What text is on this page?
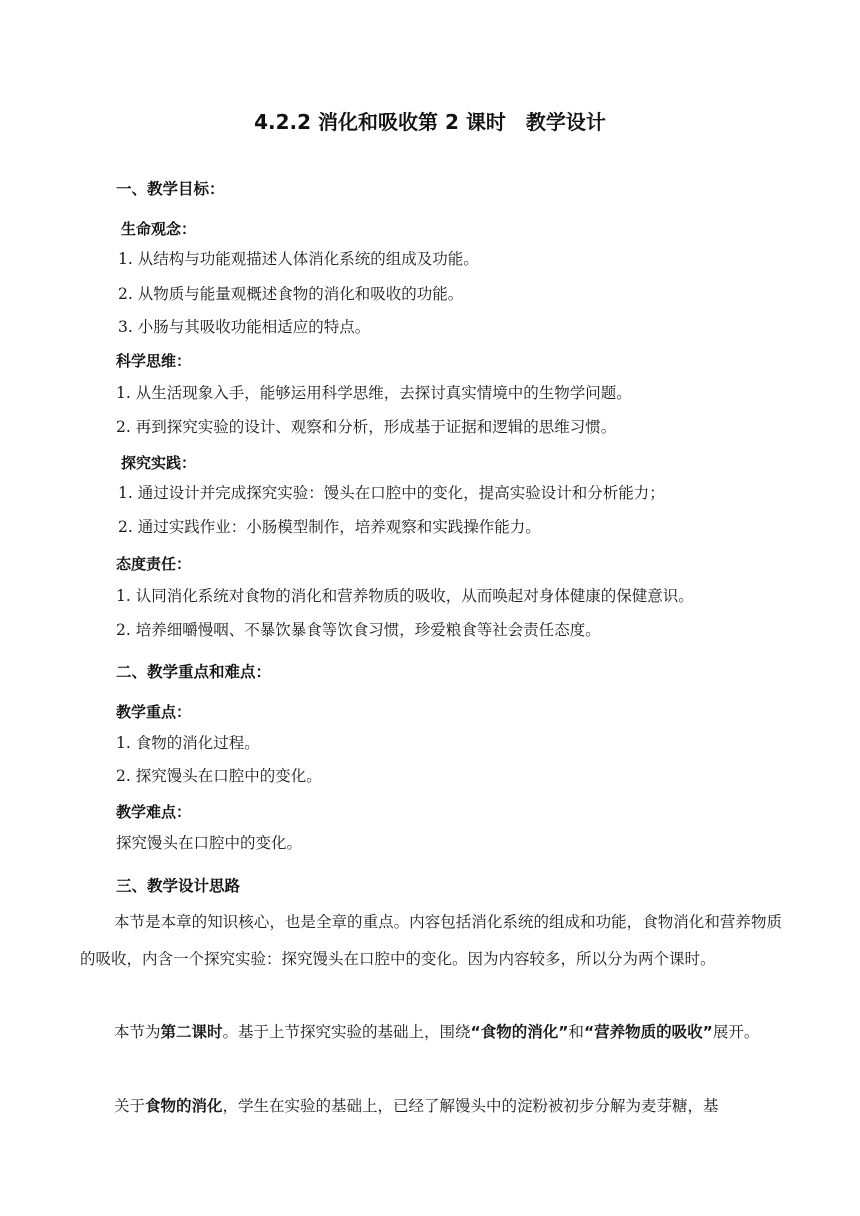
4.2.2 消化和吸收第 2 课时　教学设计
一、教学目标：
生命观念：
1. 从结构与功能观描述人体消化系统的组成及功能。
2. 从物质与能量观概述食物的消化和吸收的功能。
3. 小肠与其吸收功能相适应的特点。
科学思维：
1. 从生活现象入手，能够运用科学思维，去探讨真实情境中的生物学问题。
2. 再到探究实验的设计、观察和分析，形成基于证据和逻辑的思维习惯。
探究实践：
1. 通过设计并完成探究实验：馒头在口腔中的变化，提高实验设计和分析能力；
2. 通过实践作业：小肠模型制作，培养观察和实践操作能力。
态度责任：
1. 认同消化系统对食物的消化和营养物质的吸收，从而唤起对身体健康的保健意识。
2. 培养细嚼慢咽、不暴饮暴食等饮食习惯，珍爱粮食等社会责任态度。
二、教学重点和难点：
教学重点：
1. 食物的消化过程。
2. 探究馒头在口腔中的变化。
教学难点：
探究馒头在口腔中的变化。
三、教学设计思路
本节是本章的知识核心，也是全章的重点。内容包括消化系统的组成和功能，食物消化和营养物质的吸收，内含一个探究实验：探究馒头在口腔中的变化。因为内容较多，所以分为两个课时。
本节为第二课时。基于上节探究实验的基础上，围绕“食物的消化”和“营养物质的吸收”展开。
关于食物的消化，学生在实验的基础上，已经了解馒头中的淀粉被初步分解为麦芽糖，基
